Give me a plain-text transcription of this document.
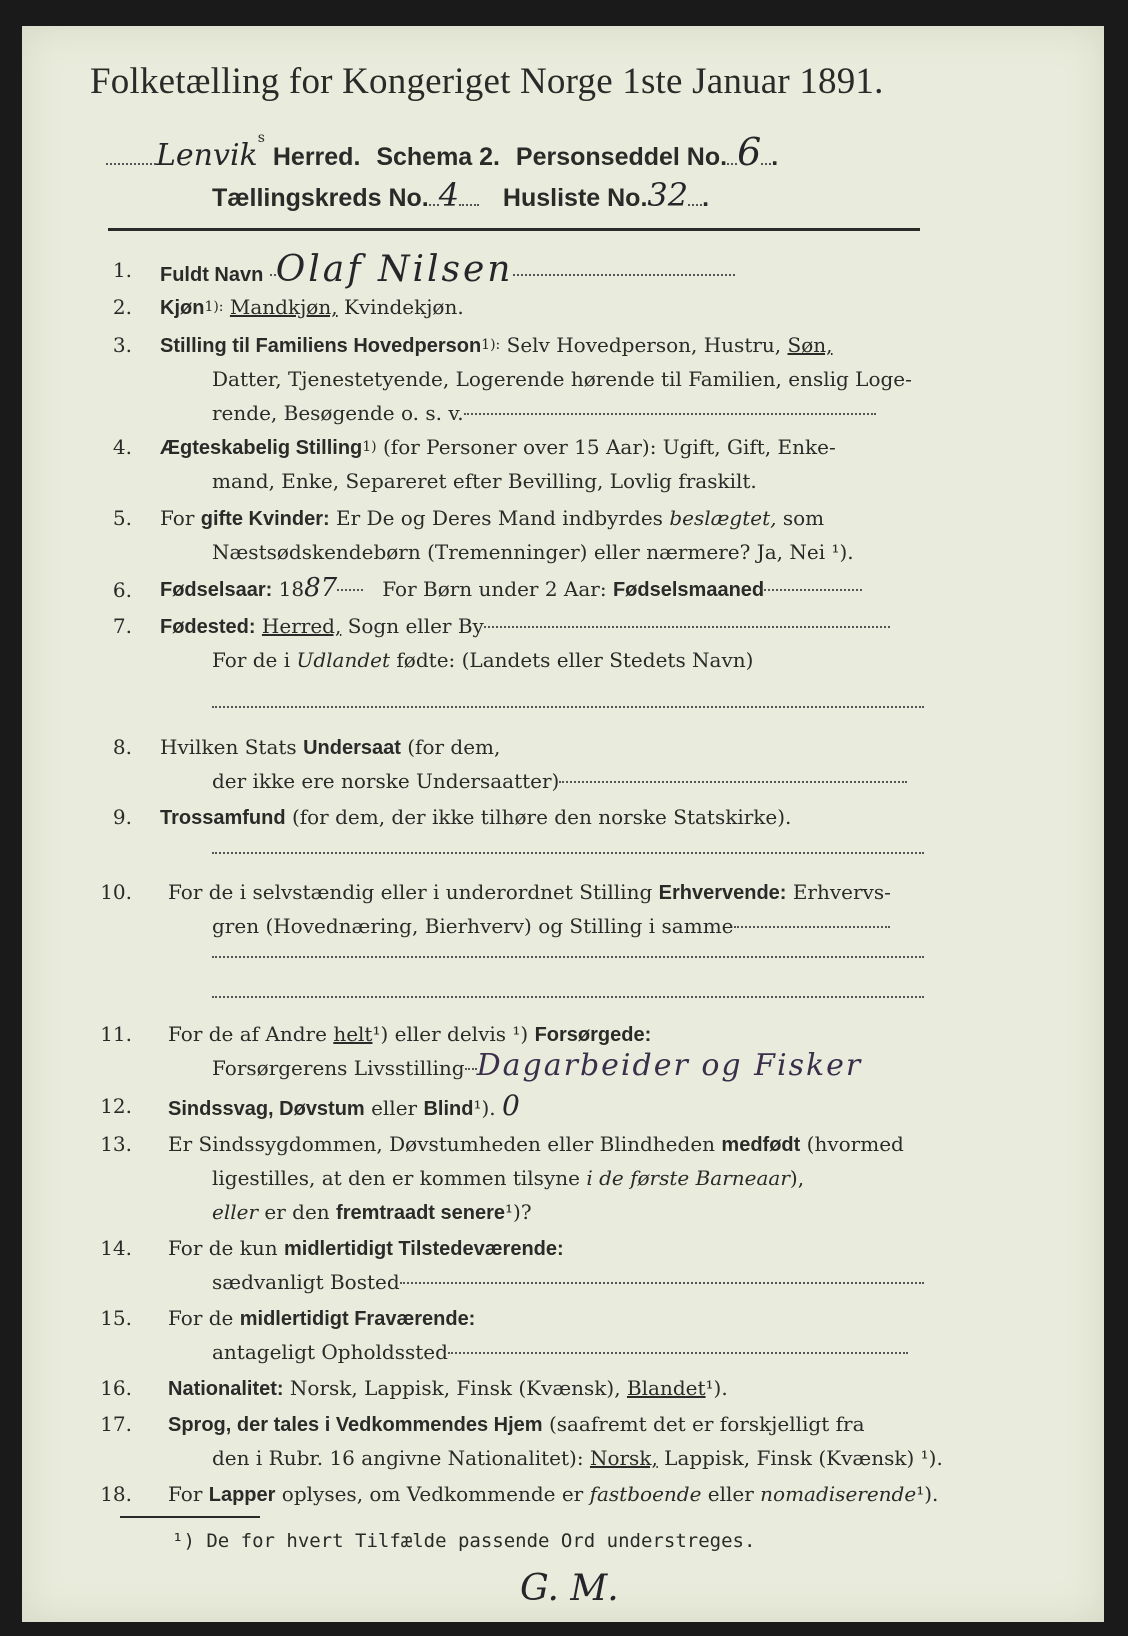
Folketælling for Kongeriget Norge 1ste Januar 1891.
Lenvik$^s$ Herred. Schema 2. Personseddel No. 6 .
Tællingskreds No. 4 Husliste No.32 .
1. Fuldt Navn Olaf Nilsen
2. Kjøn$^{1):}$ Mandkjøn, Kvindekjøn.
3. Stilling til Familiens Hovedperson$^{1):}$ Selv Hovedperson, Hustru, Søn,
Datter, Tjenestetyende, Logerende hørende til Familien, enslig Loge-
rende, Besøgende o. s. v.
4. Ægteskabelig Stilling$^{1)}$ (for Personer over 15 Aar): Ugift, Gift, Enke-
mand, Enke, Separeret efter Bevilling, Lovlig fraskilt.
5. For gifte Kvinder: Er De og Deres Mand indbyrdes beslægtet, som
Næstsødskendebørn (Tremenninger) eller nærmere? Ja, Nei ¹).
6. Fødselsaar: 1887 For Børn under 2 Aar: Fødselsmaaned
7. Fødested: Herred, Sogn eller By
For de i Udlandet fødte: (Landets eller Stedets Navn)
8. Hvilken Stats Undersaat (for dem,
der ikke ere norske Undersaatter)
9. Trossamfund (for dem, der ikke tilhøre den norske Statskirke).
10. For de i selvstændig eller i underordnet Stilling Erhvervende: Erhvervs-
gren (Hovednæring, Bierhverv) og Stilling i samme
11. For de af Andre helt¹) eller delvis ¹) Forsørgede:
Forsørgerens Livsstilling Dagarbeider og Fisker
12. Sindssvag, Døvstum eller Blind¹). 0
13. Er Sindssygdommen, Døvstumheden eller Blindheden medfødt (hvormed
ligestilles, at den er kommen tilsyne i de første Barneaar),
eller er den fremtraadt senere¹)?
14. For de kun midlertidigt Tilstedeværende:
sædvanligt Bosted
15. For de midlertidigt Fraværende:
antageligt Opholdssted
16. Nationalitet: Norsk, Lappisk, Finsk (Kvænsk), Blandet¹).
17. Sprog, der tales i Vedkommendes Hjem (saafremt det er forskjelligt fra
den i Rubr. 16 angivne Nationalitet): Norsk, Lappisk, Finsk (Kvænsk) ¹).
18. For Lapper oplyses, om Vedkommende er fastboende eller nomadiserende¹).
¹) De for hvert Tilfælde passende Ord understreges.
G. M.
